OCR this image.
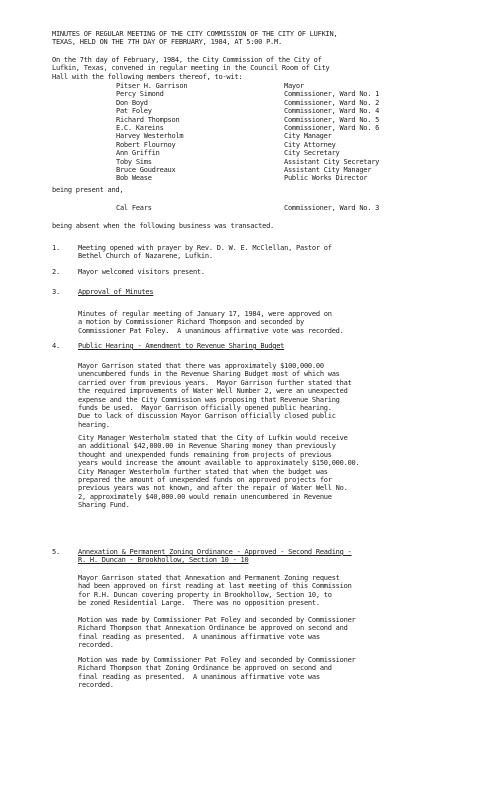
MINUTES OF REGULAR MEETING OF THE CITY COMMISSION OF THE CITY OF LUFKIN,
TEXAS, HELD ON THE 7TH DAY OF FEBRUARY, 1984, AT 5:00 P.M.
On the 7th day of February, 1984, the City Commission of the City of
Lufkin, Texas, convened in regular meeting in the Council Room of City
Hall with the following members thereof, to-wit:
Pitser H. Garrison	Mayor
Percy Simond	Commissioner, Ward No. 1
Don Boyd	Commissioner, Ward No. 2
Pat Foley	Commissioner, Ward No. 4
Richard Thompson	Commissioner, Ward No. 5
E.C. Kareins	Commissioner, Ward No. 6
Harvey Westerholm	City Manager
Robert Flournoy	City Attorney
Ann Griffin	City Secretary
Toby Sims	Assistant City Secretary
Bruce Goudreaux	Assistant City Manager
Bob Wease	Public Works Director
being present and,
Cal Fears	Commissioner, Ward No. 3
being absent when the following business was transacted.
1.	Meeting opened with prayer by Rev. D. W. E. McClellan, Pastor of
Bethel Church of Nazarene, Lufkin.
2.	Mayor welcomed visitors present.
3.	Approval of Minutes
Minutes of regular meeting of January 17, 1984, were approved on
a motion by Commissioner Richard Thompson and seconded by
Commissioner Pat Foley.  A unanimous affirmative vote was recorded.
4.	Public Hearing - Amendment to Revenue Sharing Budget
Mayor Garrison stated that there was approximately $100,000.00
unencumbered funds in the Revenue Sharing Budget most of which was
carried over from previous years.  Mayor Garrison further stated that
the required improvements of Water Well Number 2, were an unexpected
expense and the City Commission was proposing that Revenue Sharing
funds be used.  Mayor Garrison officially opened public hearing.
Due to lack of discussion Mayor Garrison officially closed public
hearing.
City Manager Westerholm stated that the City of Lufkin would receive
an additional $42,000.00 in Revenue Sharing money than previously
thought and unexpended funds remaining from projects of previous
years would increase the amount available to approximately $150,000.00.
City Manager Westerholm further stated that when the budget was
prepared the amount of unexpended funds on approved projects for
previous years was not known, and after the repair of Water Well No.
2, approximately $40,000.00 would remain unencumbered in Revenue
Sharing Fund.
5.	Annexation & Permanent Zoning Ordinance - Approved - Second Reading -
R. H. Duncan - Brookhollow, Section 10 - 10
Mayor Garrison stated that Annexation and Permanent Zoning request
had been approved on first reading at last meeting of this Commission
for R.H. Duncan covering property in Brookhollow, Section 10, to
be zoned Residential Large.  There was no opposition present.
Motion was made by Commissioner Pat Foley and seconded by Commissioner
Richard Thompson that Annexation Ordinance be approved on second and
final reading as presented.  A unanimous affirmative vote was
recorded.
Motion was made by Commissioner Pat Foley and seconded by Commissioner
Richard Thompson that Zoning Ordinance be approved on second and
final reading as presented.  A unanimous affirmative vote was
recorded.
